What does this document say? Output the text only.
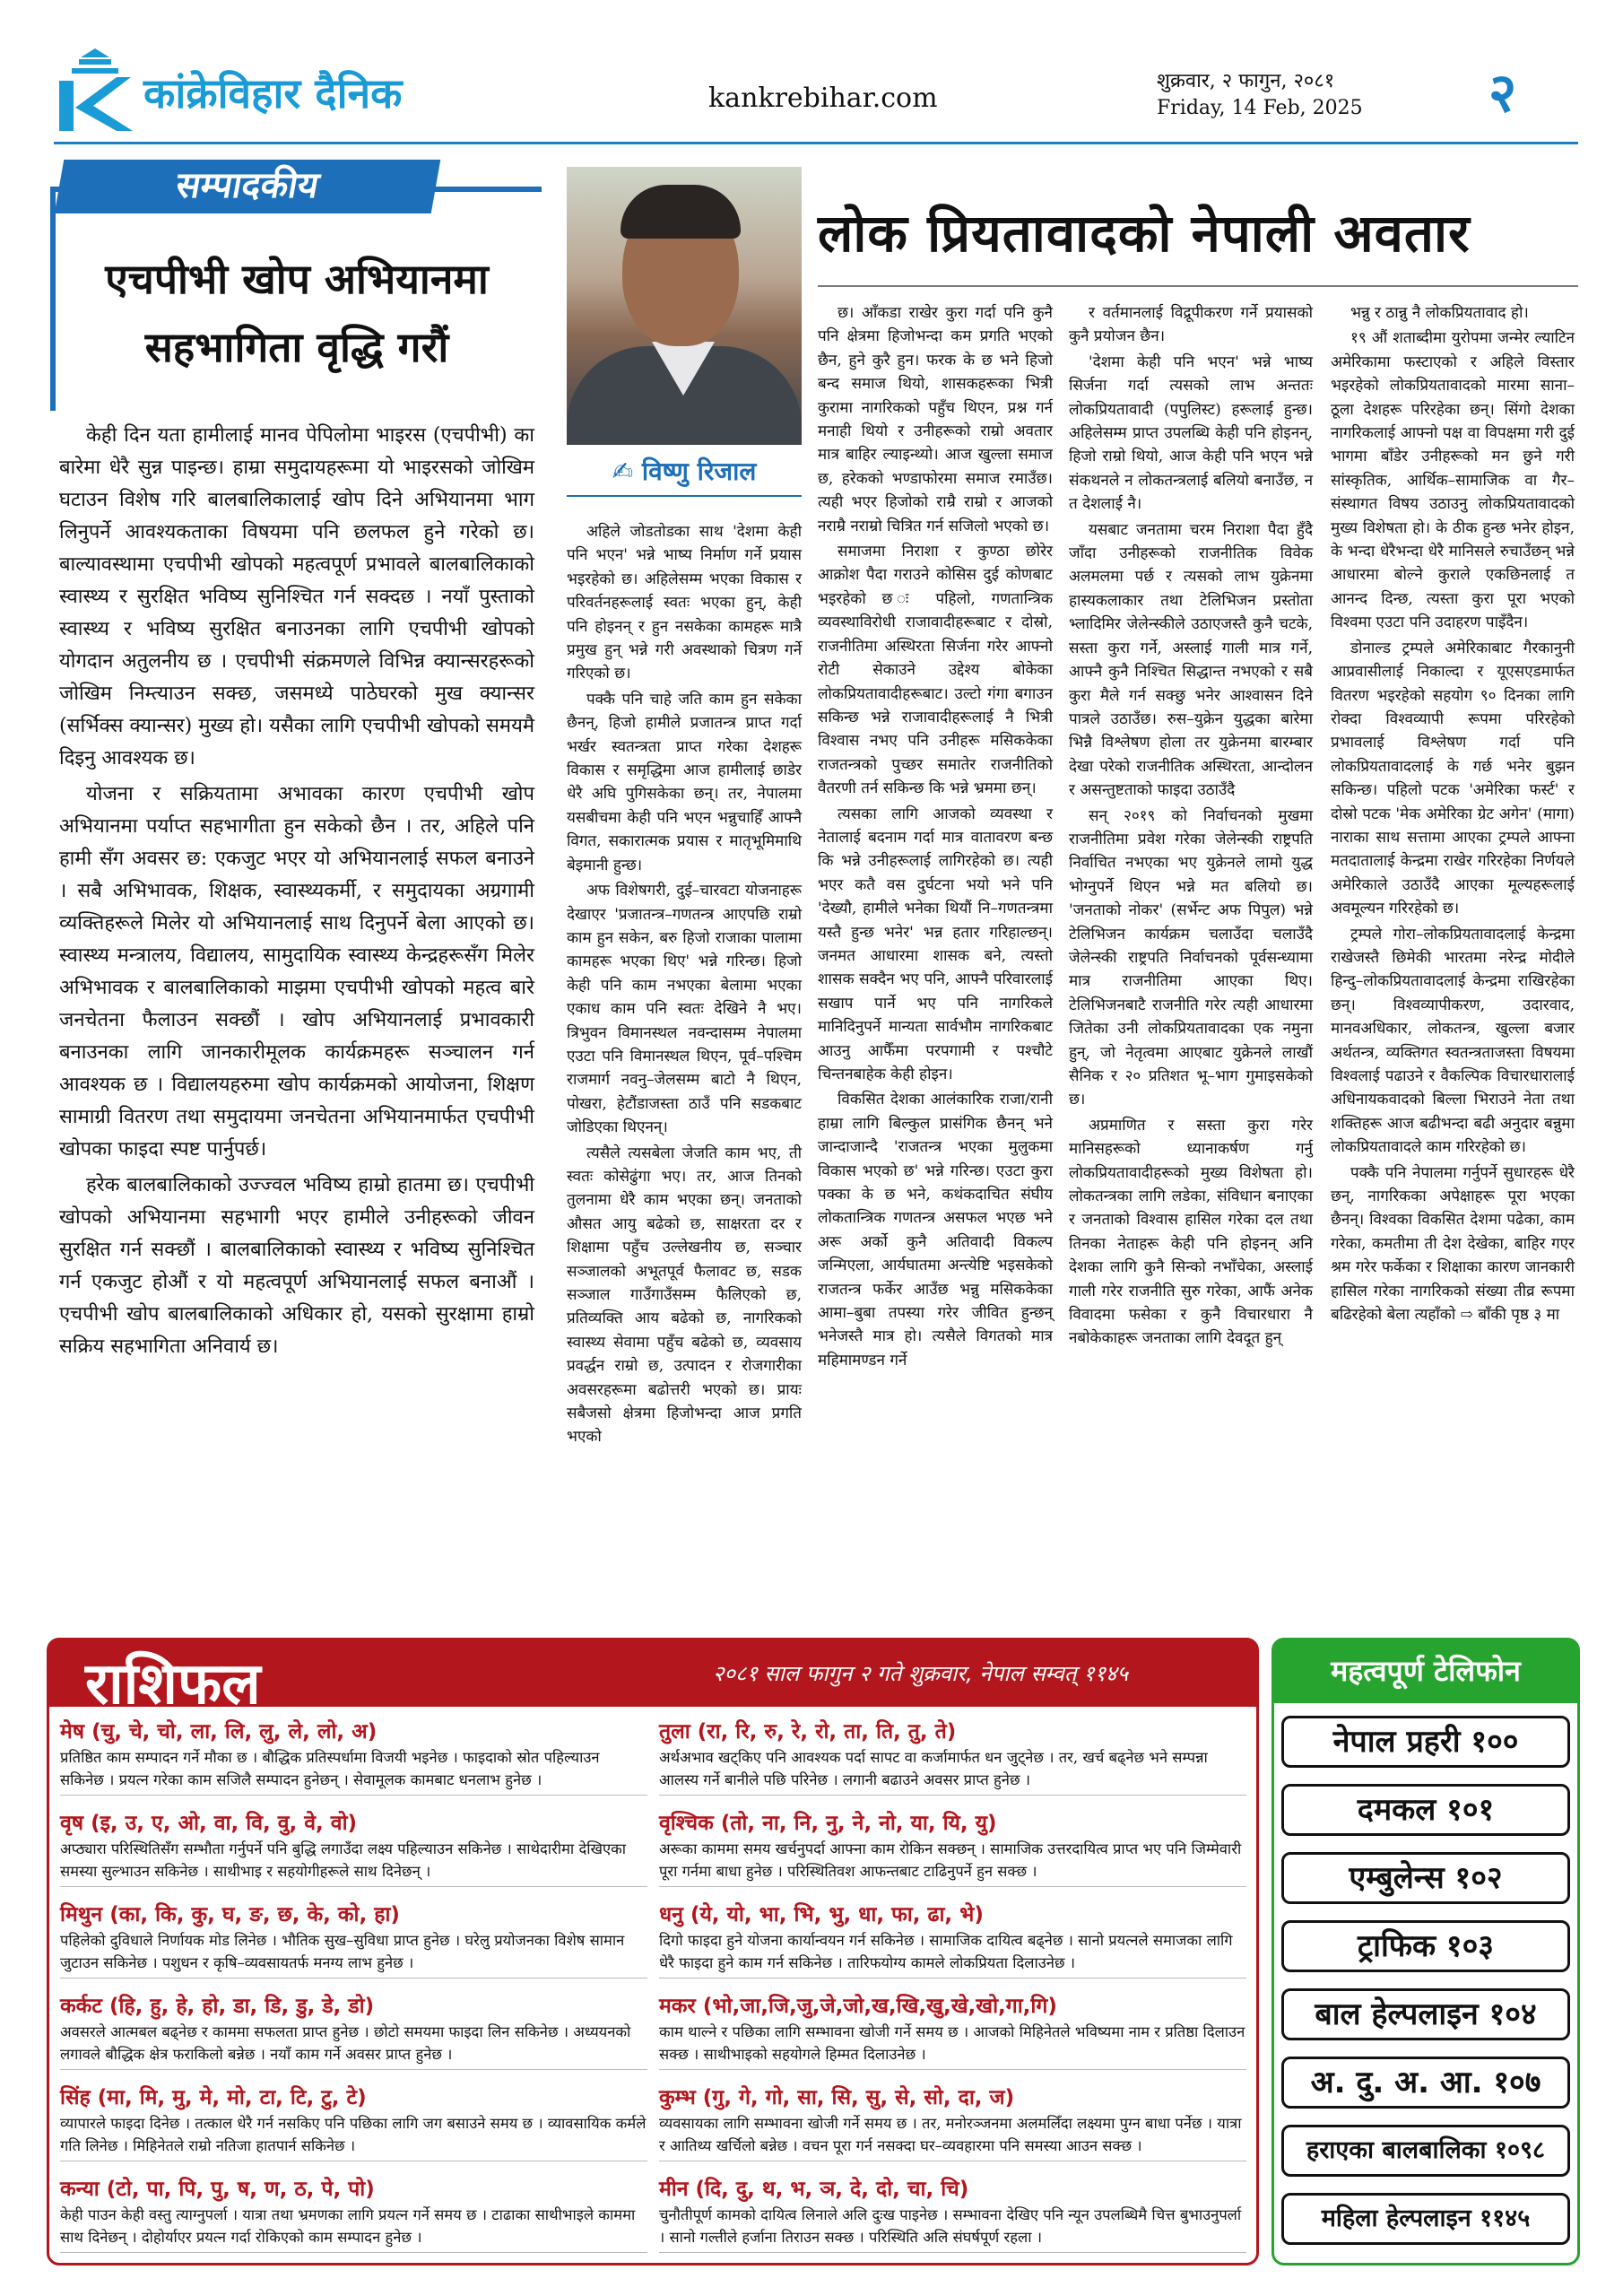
कांक्रेविहार दैनिक	kankrebihar.com
शुक्रवार, २ फागुन, २०८१
Friday, 14 Feb, 2025 २
सम्पादकीय
एचपीभी खोप अभियानमा
सहभागिता वृद्धि गरौं

केही दिन यता हामीलाई मानव पेपिलोमा भाइरस (एचपीभी) का बारेमा धेरै सुन्न पाइन्छ। हाम्रा समुदायहरूमा यो भाइरसको जोखिम घटाउन विशेष गरि बालबालिकालाई खोप दिने अभियानमा भाग लिनुपर्ने आवश्यकताका विषयमा पनि छलफल हुने गरेको छ। बाल्यावस्थामा एचपीभी खोपको महत्वपूर्ण प्रभावले बालबालिकाको स्वास्थ्य र सुरक्षित भविष्य सुनिश्चित गर्न सक्दछ । नयाँ पुस्ताको स्वास्थ्य र भविष्य सुरक्षित बनाउनका लागि एचपीभी खोपको योगदान अतुलनीय छ । एचपीभी संक्रमणले विभिन्न क्यान्सरहरूको जोखिम निम्त्याउन सक्छ, जसमध्ये पाठेघरको मुख क्यान्सर (सर्भिक्स क्यान्सर) मुख्य हो। यसैका लागि एचपीभी खोपको समयमै दिइनु आवश्यक छ।

योजना र सक्रियतामा अभावका कारण एचपीभी खोप अभियानमा पर्याप्त सहभागीता हुन सकेको छैन । तर, अहिले पनि हामी सँग अवसर छ: एकजुट भएर यो अभियानलाई सफल बनाउने । सबै अभिभावक, शिक्षक, स्वास्थ्यकर्मी, र समुदायका अग्रगामी व्यक्तिहरूले मिलेर यो अभियानलाई साथ दिनुपर्ने बेला आएको छ। स्वास्थ्य मन्त्रालय, विद्यालय, सामुदायिक स्वास्थ्य केन्द्रहरूसँग मिलेर अभिभावक र बालबालिकाको माझमा एचपीभी खोपको महत्व बारे जनचेतना फैलाउन सक्छौं । खोप अभियानलाई प्रभावकारी बनाउनका लागि जानकारीमूलक कार्यक्रमहरू सञ्चालन गर्न आवश्यक छ । विद्यालयहरुमा खोप कार्यक्रमको आयोजना, शिक्षण सामाग्री वितरण तथा समुदायमा जनचेतना अभियानमार्फत एचपीभी खोपका फाइदा स्पष्ट पार्नुपर्छ।

हरेक बालबालिकाको उज्ज्वल भविष्य हाम्रो हातमा छ। एचपीभी खोपको अभियानमा सहभागी भएर हामीले उनीहरूको जीवन सुरक्षित गर्न सक्छौं । बालबालिकाको स्वास्थ्य र भविष्य सुनिश्चित गर्न एकजुट होऔं र यो महत्वपूर्ण अभियानलाई सफल बनाऔं । एचपीभी खोप बालबालिकाको अधिकार हो, यसको सुरक्षामा हाम्रो सक्रिय सहभागिता अनिवार्य छ।

✍ विष्णु रिजाल
लोक प्रियतावादको नेपाली अवतार

अहिले जोडतोडका साथ 'देशमा केही पनि भएन' भन्ने भाष्य निर्माण गर्ने प्रयास भइरहेको छ। अहिलेसम्म भएका विकास र परिवर्तनहरूलाई स्वतः भएका हुन्, केही पनि होइनन् र हुन नसकेका कामहरू मात्रै प्रमुख हुन् भन्ने गरी अवस्थाको चित्रण गर्ने गरिएको छ।

पक्कै पनि चाहे जति काम हुन सकेका छैनन्, हिजो हामीले प्रजातन्त्र प्राप्त गर्दा भर्खर स्वतन्त्रता प्राप्त गरेका देशहरू विकास र समृद्धिमा आज हामीलाई छाडेर धेरै अघि पुगिसकेका छन्। तर, नेपालमा यसबीचमा केही पनि भएन भन्नुचाहिँ आफ्नै विगत, सकारात्मक प्रयास र मातृभूमिमाथि बेइमानी हुन्छ।

अफ विशेषगरी, दुई–चारवटा योजनाहरू देखाएर 'प्रजातन्त्र–गणतन्त्र आएपछि राम्रो काम हुन सकेन, बरु हिजो राजाका पालामा कामहरू भएका थिए' भन्ने गरिन्छ। हिजो केही पनि काम नभएका बेलामा भएका एकाध काम पनि स्वतः देखिने नै भए। त्रिभुवन विमानस्थल नवन्दासम्म नेपालमा एउटा पनि विमानस्थल थिएन, पूर्व–पश्चिम राजमार्ग नवनु–जेलसम्म बाटो नै थिएन, पोखरा, हेटौंडाजस्ता ठाउँ पनि सडकबाट जोडिएका थिएनन्।

त्यसैले त्यसबेला जेजति काम भए, ती स्वतः कोसेढुंगा भए। तर, आज तिनको तुलनामा धेरै काम भएका छन्। जनताको औसत आयु बढेको छ, साक्षरता दर र शिक्षामा पहुँच उल्लेखनीय छ, सञ्चार सञ्जालको अभूतपूर्व फैलावट छ, सडक सञ्जाल गाउँगाउँसम्म फैलिएको छ, प्रतिव्यक्ति आय बढेको छ, नागरिकको स्वास्थ्य सेवामा पहुँच बढेको छ, व्यवसाय प्रवर्द्धन राम्रो छ, उत्पादन र रोजगारीका अवसरहरूमा बढोत्तरी भएको छ। प्रायः सबैजसो क्षेत्रमा हिजोभन्दा आज प्रगति भएको

छ। आँकडा राखेर कुरा गर्दा पनि कुनै पनि क्षेत्रमा हिजोभन्दा कम प्रगति भएको छैन, हुने कुरै हुन। फरक के छ भने हिजो बन्द समाज थियो, शासकहरूका भित्री कुरामा नागरिकको पहुँच थिएन, प्रश्न गर्न मनाही थियो र उनीहरूको राम्रो अवतार मात्र बाहिर ल्याइन्थ्यो। आज खुल्ला समाज छ, हरेकको भण्डाफोरमा समाज रमाउँछ। त्यही भएर हिजोको राम्रै राम्रो र आजको नराम्रै नराम्रो चित्रित गर्न सजिलो भएको छ।

समाजमा निराशा र कुण्ठा छोरेर आक्रोश पैदा गराउने कोसिस दुई कोणबाट भइरहेको छ ः पहिलो, गणतान्त्रिक व्यवस्थाविरोधी राजावादीहरूबाट र दोस्रो, राजनीतिमा अस्थिरता सिर्जना गरेर आफ्नो रोटी सेकाउने उद्देश्य बोकेका लोकप्रियतावादीहरूबाट। उल्टो गंगा बगाउन सकिन्छ भन्ने राजावादीहरूलाई नै भित्री विश्वास नभए पनि उनीहरू मसिककेका राजतन्त्रको पुच्छर समातेर राजनीतिको वैतरणी तर्न सकिन्छ कि भन्ने भ्रममा छन्।

त्यसका लागि आजको व्यवस्था र नेतालाई बदनाम गर्दा मात्र वातावरण बन्छ कि भन्ने उनीहरूलाई लागिरहेको छ। त्यही भएर कतै वस दुर्घटना भयो भने पनि 'देख्यौ, हामीले भनेका थियौं नि–गणतन्त्रमा यस्तै हुन्छ भनेर' भन्न हतार गरिहाल्छन्। जनमत आधारमा शासक बने, त्यस्तो शासक सक्दैन भए पनि, आफ्नै परिवारलाई सखाप पार्ने भए पनि नागरिकले मानिदिनुपर्ने मान्यता सार्वभौम नागरिकबाट आउनु आफैँमा परपगामी र पश्चौटे चिन्तनबाहेक केही होइन।

विकसित देशका आलंकारिक राजा/रानी हाम्रा लागि बिल्कुल प्रासंगिक छैनन् भने जान्दाजान्दै 'राजतन्त्र भएका मुलुकमा विकास भएको छ' भन्ने गरिन्छ। एउटा कुरा पक्का के छ भने, कथंकदाचित संघीय लोकतान्त्रिक गणतन्त्र असफल भएछ भने अरू अर्को कुनै अतिवादी विकल्प जन्मिएला, आर्यघातमा अन्त्येष्टि भइसकेको राजतन्त्र फर्केर आउँछ भन्नु मसिककेका आमा–बुबा तपस्या गरेर जीवित हुन्छन् भनेजस्तै मात्र हो। त्यसैले विगतको मात्र महिमामण्डन गर्ने

र वर्तमानलाई विद्रूपीकरण गर्ने प्रयासको कुनै प्रयोजन छैन।

'देशमा केही पनि भएन' भन्ने भाष्य सिर्जना गर्दा त्यसको लाभ अन्ततः लोकप्रियतावादी (पपुलिस्ट) हरूलाई हुन्छ। अहिलेसम्म प्राप्त उपलब्धि केही पनि होइनन्, हिजो राम्रो थियो, आज केही पनि भएन भन्ने संकथनले न लोकतन्त्रलाई बलियो बनाउँछ, न त देशलाई नै।

यसबाट जनतामा चरम निराशा पैदा हुँदै जाँदा उनीहरूको राजनीतिक विवेक अलमलमा पर्छ र त्यसको लाभ युक्रेनमा हास्यकलाकार तथा टेलिभिजन प्रस्तोता भ्लादिमिर जेलेन्स्कीले उठाएजस्तै कुनै चटके, सस्ता कुरा गर्ने, अस्लाई गाली मात्र गर्ने, आफ्नै कुनै निश्चित सिद्धान्त नभएको र सबै कुरा मैले गर्न सक्छु भनेर आश्वासन दिने पात्रले उठाउँछ। रुस–युक्रेन युद्धका बारेमा भिन्नै विश्लेषण होला तर युक्रेनमा बारम्बार देखा परेको राजनीतिक अस्थिरता, आन्दोलन र असन्तुष्टताको फाइदा उठाउँदै

सन् २०१९ को निर्वाचनको मुखमा राजनीतिमा प्रवेश गरेका जेलेन्स्की राष्ट्रपति निर्वाचित नभएका भए युक्रेनले लामो युद्ध भोग्नुपर्ने थिएन भन्ने मत बलियो छ। 'जनताको नोकर' (सर्भेन्ट अफ पिपुल) भन्ने टेलिभिजन कार्यक्रम चलाउँदा चलाउँदै जेलेन्स्की राष्ट्रपति निर्वाचनको पूर्वसन्ध्यामा मात्र राजनीतिमा आएका थिए। टेलिभिजनबाटै राजनीति गरेर त्यही आधारमा जितेका उनी लोकप्रियतावादका एक नमुना हुन्, जो नेतृत्वमा आएबाट युक्रेनले लाखौं सैनिक र २० प्रतिशत भू–भाग गुमाइसकेको छ।

अप्रमाणित र सस्ता कुरा गरेर मानिसहरूको ध्यानाकर्षण गर्नु लोकप्रियतावादीहरूको मुख्य विशेषता हो। लोकतन्त्रका लागि लडेका, संविधान बनाएका र जनताको विश्वास हासिल गरेका दल तथा तिनका नेताहरू केही पनि होइनन् अनि देशका लागि कुनै सिन्को नभाँचेका, अस्लाई गाली गरेर राजनीति सुरु गरेका, आफैं अनेक विवादमा फसेका र कुनै विचारधारा नै नबोकेकाहरू जनताका लागि देवदूत हुन्

भन्नु र ठान्नु नै लोकप्रियतावाद हो।

१९ औं शताब्दीमा युरोपमा जन्मेर ल्याटिन अमेरिकामा फस्टाएको र अहिले विस्तार भइरहेको लोकप्रियतावादको मारमा साना–ठूला देशहरू परिरहेका छन्। सिंगो देशका नागरिकलाई आफ्नो पक्ष वा विपक्षमा गरी दुई भागमा बाँडेर उनीहरूको मन छुने गरी सांस्कृतिक, आर्थिक–सामाजिक वा गैर–संस्थागत विषय उठाउनु लोकप्रियतावादको मुख्य विशेषता हो। के ठीक हुन्छ भनेर होइन, के भन्दा धेरैभन्दा धेरै मानिसले रुचाउँछन् भन्ने आधारमा बोल्ने कुराले एकछिनलाई त आनन्द दिन्छ, त्यस्ता कुरा पूरा भएको विश्वमा एउटा पनि उदाहरण पाइँदैन।

डोनाल्ड ट्रम्पले अमेरिकाबाट गैरकानुनी आप्रवासीलाई निकाल्दा र यूएसएडमार्फत वितरण भइरहेको सहयोग ९० दिनका लागि रोक्दा विश्वव्यापी रूपमा परिरहेको प्रभावलाई विश्लेषण गर्दा पनि लोकप्रियतावादलाई के गर्छ भनेर बुझन सकिन्छ। पहिलो पटक 'अमेरिका फर्स्ट' र दोस्रो पटक 'मेक अमेरिका ग्रेट अगेन' (मागा) नाराका साथ सत्तामा आएका ट्रम्पले आफ्ना मतदातालाई केन्द्रमा राखेर गरिरहेका निर्णयले अमेरिकाले उठाउँदै आएका मूल्यहरूलाई अवमूल्यन गरिरहेको छ।

ट्रम्पले गोरा–लोकप्रियतावादलाई केन्द्रमा राखेजस्तै छिमेकी भारतमा नरेन्द्र मोदीले हिन्दु–लोकप्रियतावादलाई केन्द्रमा राखिरहेका छन्। विश्वव्यापीकरण, उदारवाद, मानवअधिकार, लोकतन्त्र, खुल्ला बजार अर्थतन्त्र, व्यक्तिगत स्वतन्त्रताजस्ता विषयमा विश्वलाई पढाउने र वैकल्पिक विचारधारालाई अधिनायकवादको बिल्ला भिराउने नेता तथा शक्तिहरू आज बढीभन्दा बढी अनुदार बन्नुमा लोकप्रियतावादले काम गरिरहेको छ।

पक्कै पनि नेपालमा गर्नुपर्ने सुधारहरू धेरै छन्, नागरिकका अपेक्षाहरू पूरा भएका छैनन्। विश्वका विकसित देशमा पढेका, काम गरेका, कमतीमा ती देश देखेका, बाहिर गएर श्रम गरेर फर्केका र शिक्षाका कारण जानकारी हासिल गरेका नागरिकको संख्या तीव्र रूपमा बढिरहेको बेला त्यहाँको ⇨ बाँकी पृष्ठ ३ मा

राशिफल	२०८१ साल फागुन २ गते शुक्रवार, नेपाल सम्वत् ११४५
मेष (चु, चे, चो, ला, लि, लु, ले, लो, अ)
प्रतिष्ठित काम सम्पादन गर्ने मौका छ । बौद्धिक प्रतिस्पर्धामा विजयी भइनेछ । फाइदाको स्रोत पहिल्याउन सकिनेछ । प्रयत्न गरेका काम सजिलै सम्पादन हुनेछन् । सेवामूलक कामबाट धनलाभ हुनेछ ।
वृष (इ, उ, ए, ओ, वा, वि, वु, वे, वो)
अप्ठ्यारा परिस्थितिसँग सम्भौता गर्नुपर्ने पनि बुद्धि लगाउँदा लक्ष्य पहिल्याउन सकिनेछ । साथेदारीमा देखिएका समस्या सुल्भाउन सकिनेछ । साथीभाइ र सहयोगीहरूले साथ दिनेछन् ।
मिथुन (का, कि, कु, घ, ङ, छ, के, को, हा)
पहिलेको दुविधाले निर्णायक मोड लिनेछ । भौतिक सुख–सुविधा प्राप्त हुनेछ । घरेलु प्रयोजनका विशेष सामान जुटाउन सकिनेछ । पशुधन र कृषि–व्यवसायतर्फ मनग्य लाभ हुनेछ ।
कर्कट (हि, हु, हे, हो, डा, डि, डु, डे, डो)
अवसरले आत्मबल बढ्नेछ र काममा सफलता प्राप्त हुनेछ । छोटो समयमा फाइदा लिन सकिनेछ । अध्ययनको लगावले बौद्धिक क्षेत्र फराकिलो बन्नेछ । नयाँ काम गर्ने अवसर प्राप्त हुनेछ ।
सिंह (मा, मि, मु, मे, मो, टा, टि, टु, टे)
व्यापारले फाइदा दिनेछ । तत्काल धेरै गर्न नसकिए पनि पछिका लागि जग बसाउने समय छ । व्यावसायिक कर्मले गति लिनेछ । मिहिनेतले राम्रो नतिजा हातपार्न सकिनेछ ।
कन्या (टो, पा, पि, पु, ष, ण, ठ, पे, पो)
केही पाउन केही वस्तु त्याग्नुपर्ला । यात्रा तथा भ्रमणका लागि प्रयत्न गर्ने समय छ । टाढाका साथीभाइले काममा साथ दिनेछन् । दोहोर्याएर प्रयत्न गर्दा रोकिएको काम सम्पादन हुनेछ ।
तुला (रा, रि, रु, रे, रो, ता, ति, तु, ते)
अर्थअभाव खट्किए पनि आवश्यक पर्दा सापट वा कर्जामार्फत धन जुट्नेछ । तर, खर्च बढ्नेछ भने सम्पन्ना आलस्य गर्ने बानीले पछि परिनेछ । लगानी बढाउने अवसर प्राप्त हुनेछ ।
वृश्चिक (तो, ना, नि, नु, ने, नो, या, यि, यु)
अरूका काममा समय खर्चनुपर्दा आफ्ना काम रोकिन सक्छन् । सामाजिक उत्तरदायित्व प्राप्त भए पनि जिम्मेवारी पूरा गर्नमा बाधा हुनेछ । परिस्थितिवश आफन्तबाट टाढिनुपर्ने हुन सक्छ ।
धनु (ये, यो, भा, भि, भु, धा, फा, ढा, भे)
दिगो फाइदा हुने योजना कार्यान्वयन गर्न सकिनेछ । सामाजिक दायित्व बढ्नेछ । सानो प्रयत्नले समाजका लागि धेरै फाइदा हुने काम गर्न सकिनेछ । तारिफयोग्य कामले लोकप्रियता दिलाउनेछ ।
मकर (भो,जा,जि,जु,जे,जो,ख,खि,खु,खे,खो,गा,गि)
काम थाल्ने र पछिका लागि सम्भावना खोजी गर्ने समय छ । आजको मिहिनेतले भविष्यमा नाम र प्रतिष्ठा दिलाउन सक्छ । साथीभाइको सहयोगले हिम्मत दिलाउनेछ ।
कुम्भ (गु, गे, गो, सा, सि, सु, से, सो, दा, ज)
व्यवसायका लागि सम्भावना खोजी गर्ने समय छ । तर, मनोरञ्जनमा अलमलिँदा लक्ष्यमा पुग्न बाधा पर्नेछ । यात्रा र आतिथ्य खर्चिलो बन्नेछ । वचन पूरा गर्न नसक्दा घर–व्यवहारमा पनि समस्या आउन सक्छ ।
मीन (दि, दु, थ, भ, ञ, दे, दो, चा, चि)
चुनौतीपूर्ण कामको दायित्व लिनाले अलि दुःख पाइनेछ । सम्भावना देखिए पनि न्यून उपलब्धिमै चित्त बुभाउनुपर्ला । सानो गल्तीले हर्जाना तिराउन सक्छ । परिस्थिति अलि संघर्षपूर्ण रहला ।
महत्वपूर्ण टेलिफोन
नेपाल प्रहरी १००
दमकल १०१
एम्बुलेन्स १०२
ट्राफिक १०३
बाल हेल्पलाइन १०४
अ. दु. अ. आ. १०७
हराएका बालबालिका १०९८
महिला हेल्पलाइन ११४५
